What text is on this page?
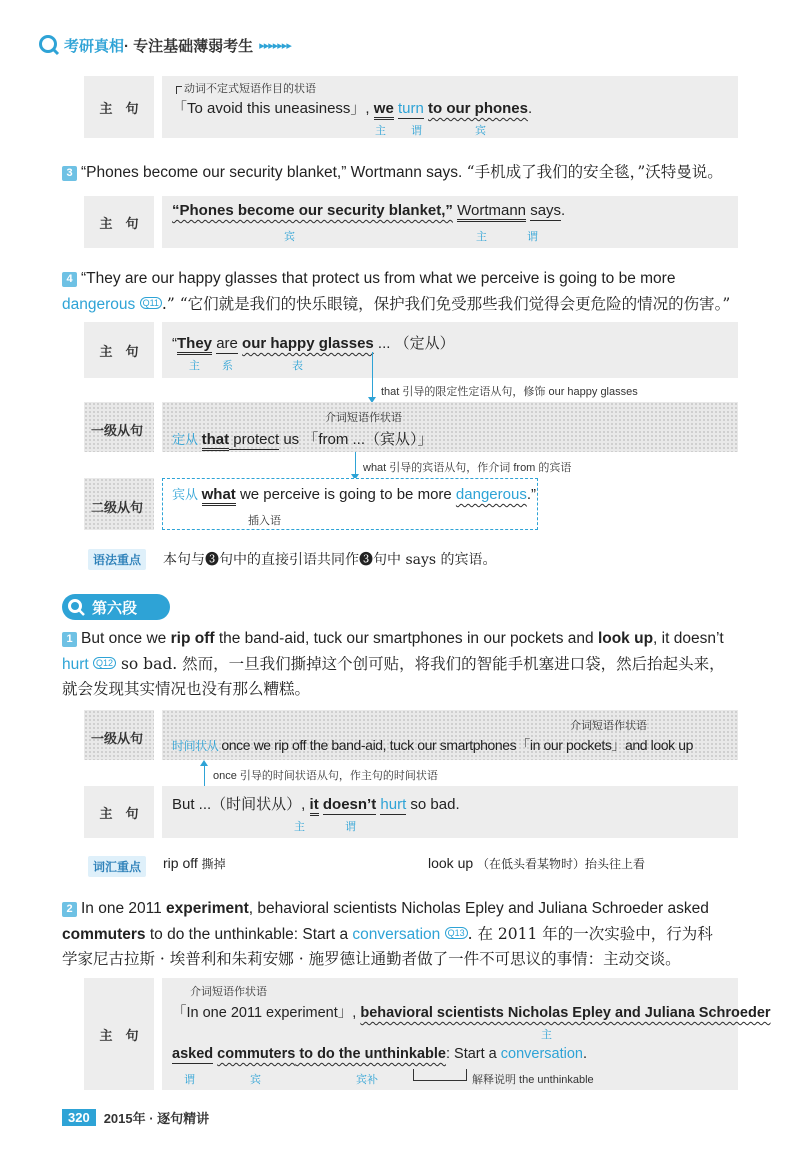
考研真相 · 专注基础薄弱考生 ▸▸▸▸▸▸▸
主　句
动词不定式短语作目的状语
「To avoid this uneasiness」, we turn to our phones.
主 谓	宾
3 “Phones become our security blanket,” Wortmann says. “手机成了我们的安全毯，”沃特曼说。
主　句
“Phones become our security blanket,” Wortmann says.
宾	主	谓
4 “They are our happy glasses that protect us from what we perceive is going to be more
dangerous Q11 .” “它们就是我们的快乐眼镜，保护我们免受那些我们觉得会更危险的情况的伤害。”
主　句 “They are our happy glasses ... （定从）
主 系	表
that 引导的限定性定语从句，修饰 our happy glasses
一级从句
介词短语作状语
定从 that protect us 「from ...（宾从）」
what 引导的宾语从句，作介词 from 的宾语
二级从句
宾从 what we perceive is going to be more dangerous.”
插入语
语法重点	本句与❸句中的直接引语共同作❸句中 says 的宾语。
第六段
1 But once we rip off the band-aid, tuck our smartphones in our pockets and look up, it doesn’t
hurt Q12 so bad. 然而，一旦我们撕掉这个创可贴，将我们的智能手机塞进口袋，然后抬起头来，
就会发现其实情况也没有那么糟糕。
一级从句
介词短语作状语
时间状从 once we rip off the band-aid, tuck our smartphones「in our pockets」and look up
once 引导的时间状语从句，作主句的时间状语
主　句 But ...（时间状从）, it doesn’t hurt so bad.
主	谓
词汇重点	rip off 撕掉	look up （在低头看某物时）抬头往上看
2 In one 2011 experiment, behavioral scientists Nicholas Epley and Juliana Schroeder asked
commuters to do the unthinkable: Start a conversation Q13 . 在 2011 年的一次实验中，行为科
学家尼古拉斯 · 埃普利和朱莉安娜 · 施罗德让通勤者做了一件不可思议的事情：主动交谈。
主　句
介词短语作状语
「In one 2011 experiment」, behavioral scientists Nicholas Epley and Juliana Schroeder
主
asked commuters to do the unthinkable: Start a conversation.
谓	宾	宾补	解释说明 the unthinkable
320	2015年 · 逐句精讲
